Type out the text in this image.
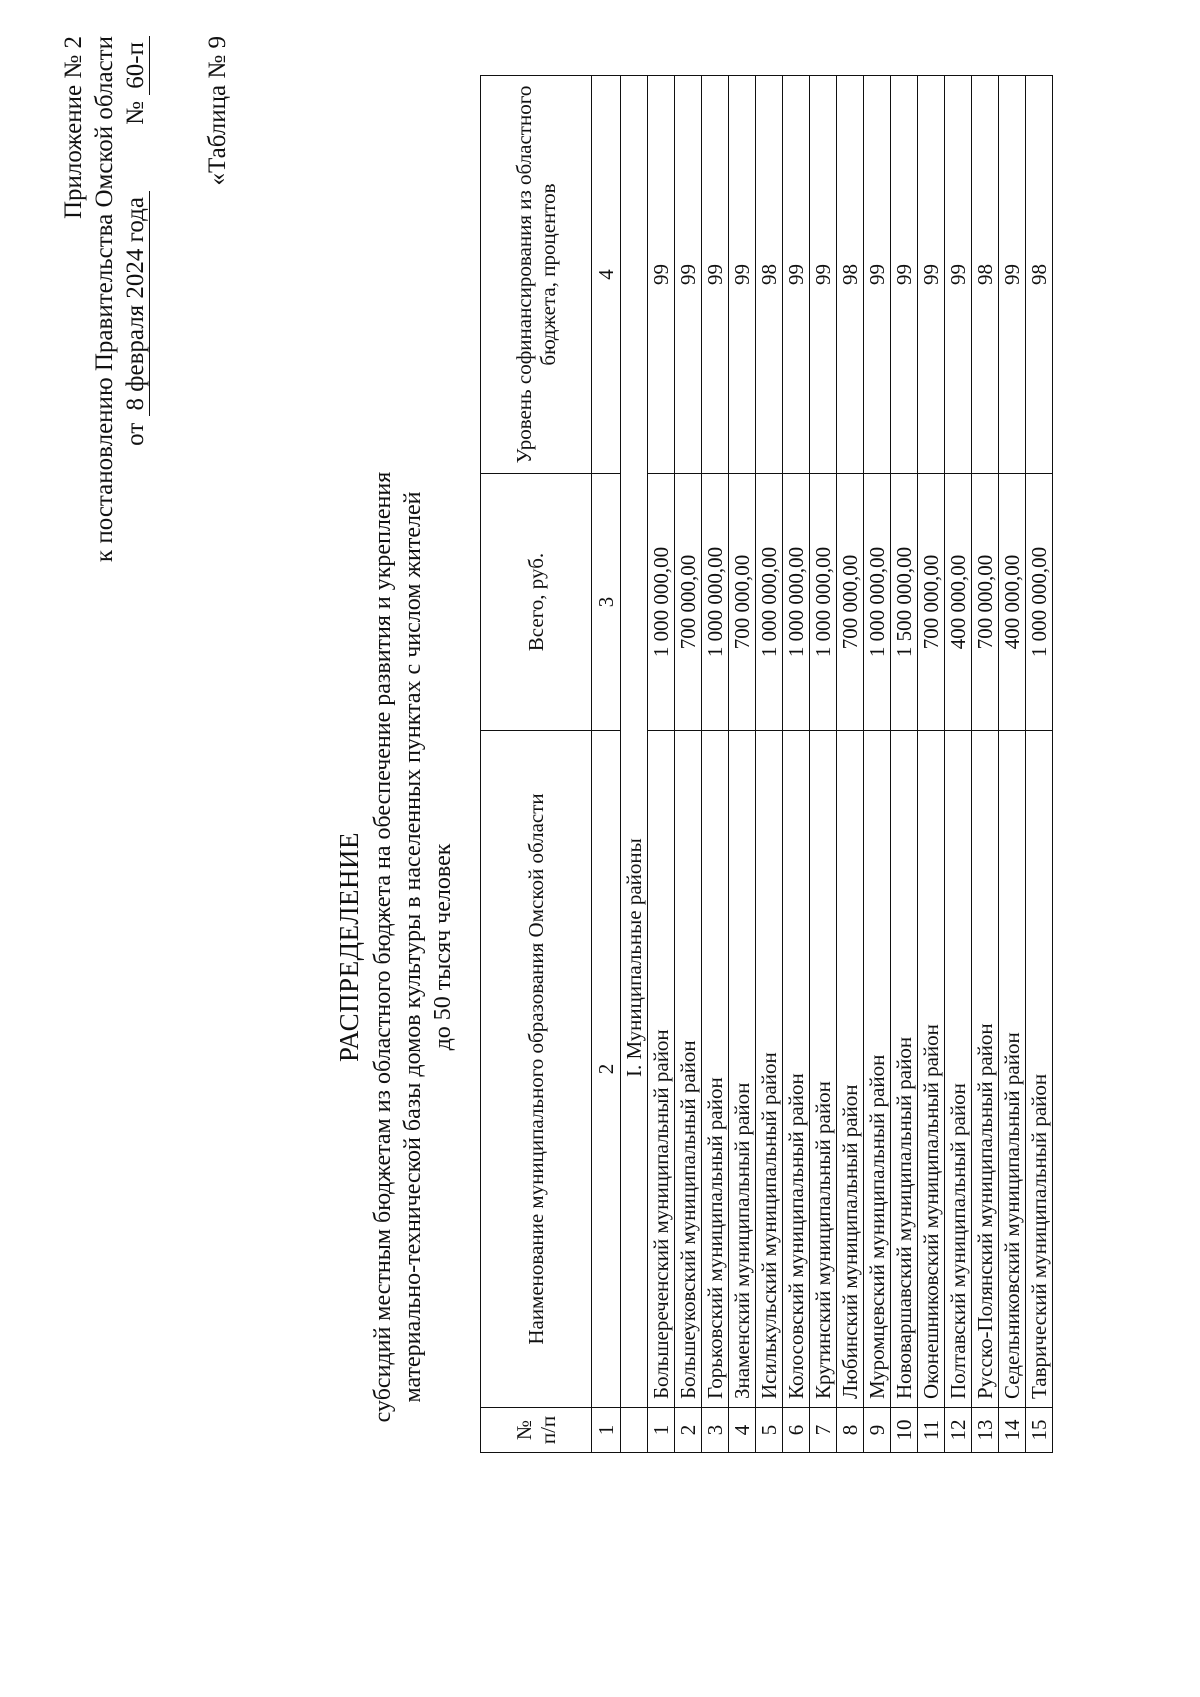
Приложение № 2 к постановлению Правительства Омской области от 8 февраля 2024 года № 60-п «Таблица № 9
РАСПРЕДЕЛЕНИЕ субсидий местным бюджетам из областного бюджета на обеспечение развития и укрепления материально-технической базы домов культуры в населенных пунктах с числом жителей до 50 тысяч человек
№ п/п	Наименование муниципального образования Омской области	Всего, руб.	Уровень софинансирования из областного бюджета, процентов
1	2	3	4
	I. Муниципальные районы		
1	Большереченский муниципальный район	1 000 000,00	99
2	Большеуковский муниципальный район	700 000,00	99
3	Горьковский муниципальный район	1 000 000,00	99
4	Знаменский муниципальный район	700 000,00	99
5	Исилькульский муниципальный район	1 000 000,00	98
6	Колосовский муниципальный район	1 000 000,00	99
7	Крутинский муниципальный район	1 000 000,00	99
8	Любинский муниципальный район	700 000,00	98
9	Муромцевский муниципальный район	1 000 000,00	99
10	Нововаршавский муниципальный район	1 500 000,00	99
11	Оконешниковский муниципальный район	700 000,00	99
12	Полтавский муниципальный район	400 000,00	99
13	Русско-Полянский муниципальный район	700 000,00	98
14	Седельниковский муниципальный район	400 000,00	99
15	Таврический муниципальный район	1 000 000,00	98
